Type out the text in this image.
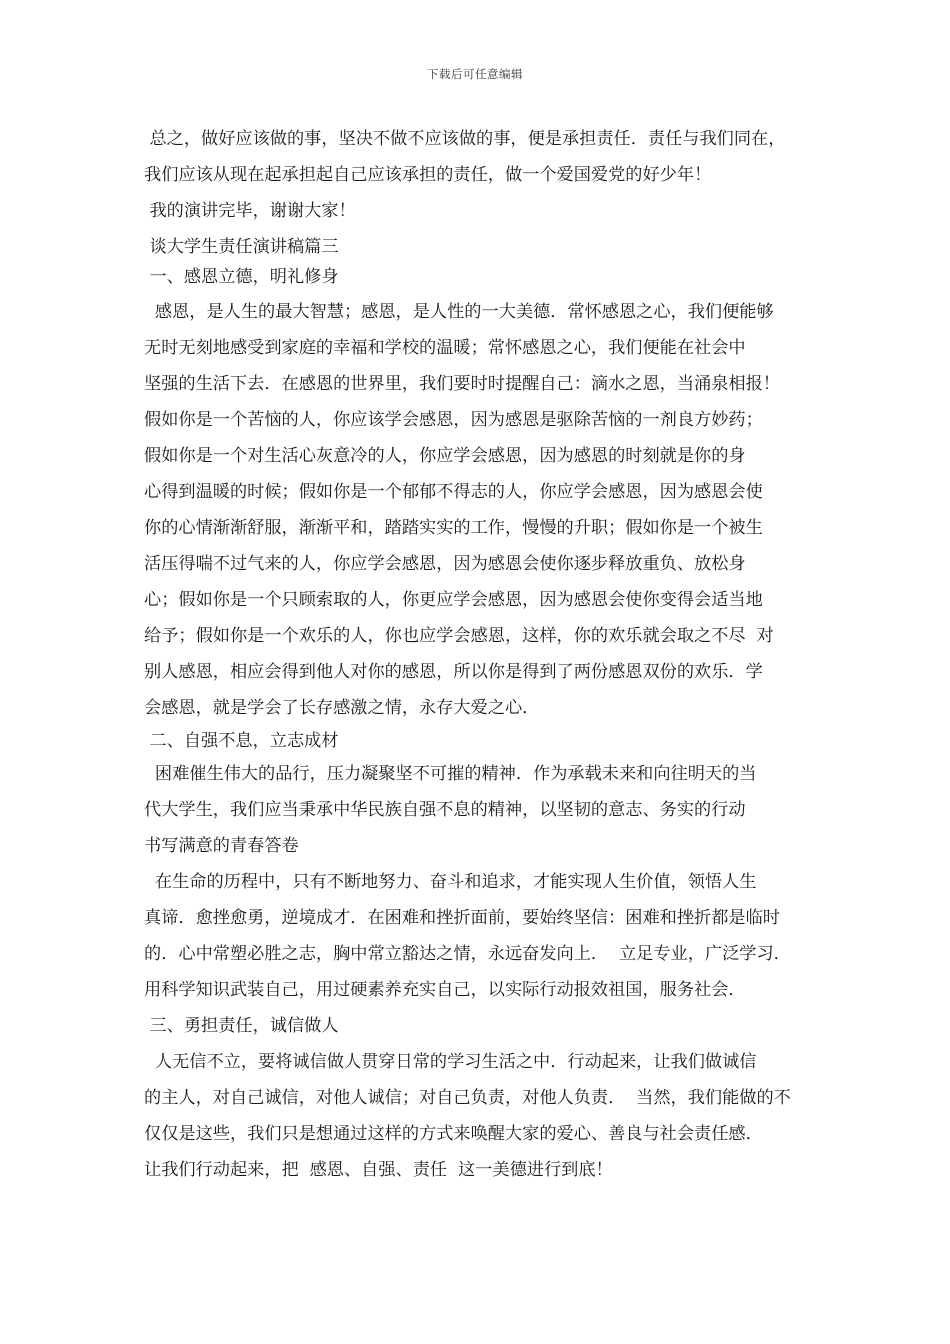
下载后可任意编辑
总之，做好应该做的事，坚决不做不应该做的事，便是承担责任．责任与我们同在，
我们应该从现在起承担起自己应该承担的责任，做一个爱国爱党的好少年！
我的演讲完毕，谢谢大家！
谈大学生责任演讲稿篇三
一、感恩立德，明礼修身
感恩，是人生的最大智慧；感恩，是人性的一大美德．常怀感恩之心，我们便能够
无时无刻地感受到家庭的幸福和学校的温暖；常怀感恩之心，我们便能在社会中
坚强的生活下去．在感恩的世界里，我们要时时提醒自己：滴水之恩，当涌泉相报！
假如你是一个苦恼的人，你应该学会感恩，因为感恩是驱除苦恼的一剂良方妙药；
假如你是一个对生活心灰意冷的人，你应学会感恩，因为感恩的时刻就是你的身
心得到温暖的时候；假如你是一个郁郁不得志的人，你应学会感恩，因为感恩会使
你的心情渐渐舒服，渐渐平和，踏踏实实的工作，慢慢的升职；假如你是一个被生
活压得喘不过气来的人，你应学会感恩，因为感恩会使你逐步释放重负、放松身
心；假如你是一个只顾索取的人，你更应学会感恩，因为感恩会使你变得会适当地
给予；假如你是一个欢乐的人，你也应学会感恩，这样，你的欢乐就会取之不尽  对
别人感恩，相应会得到他人对你的感恩，所以你是得到了两份感恩双份的欢乐．学
会感恩，就是学会了长存感激之情，永存大爱之心．
二、自强不息，立志成材
困难催生伟大的品行，压力凝聚坚不可摧的精神．作为承载未来和向往明天的当
代大学生，我们应当秉承中华民族自强不息的精神，以坚韧的意志、务实的行动
书写满意的青春答卷
在生命的历程中，只有不断地努力、奋斗和追求，才能实现人生价值，领悟人生
真谛．愈挫愈勇，逆境成才．在困难和挫折面前，要始终坚信：困难和挫折都是临时
的．心中常塑必胜之志，胸中常立豁达之情，永远奋发向上．  立足专业，广泛学习．
用科学知识武装自己，用过硬素养充实自己，以实际行动报效祖国，服务社会．
三、勇担责任，诚信做人
人无信不立，要将诚信做人贯穿日常的学习生活之中．行动起来，让我们做诚信
的主人，对自己诚信，对他人诚信；对自己负责，对他人负责．  当然，我们能做的不
仅仅是这些，我们只是想通过这样的方式来唤醒大家的爱心、善良与社会责任感．
让我们行动起来，把  感恩、自强、责任  这一美德进行到底！
